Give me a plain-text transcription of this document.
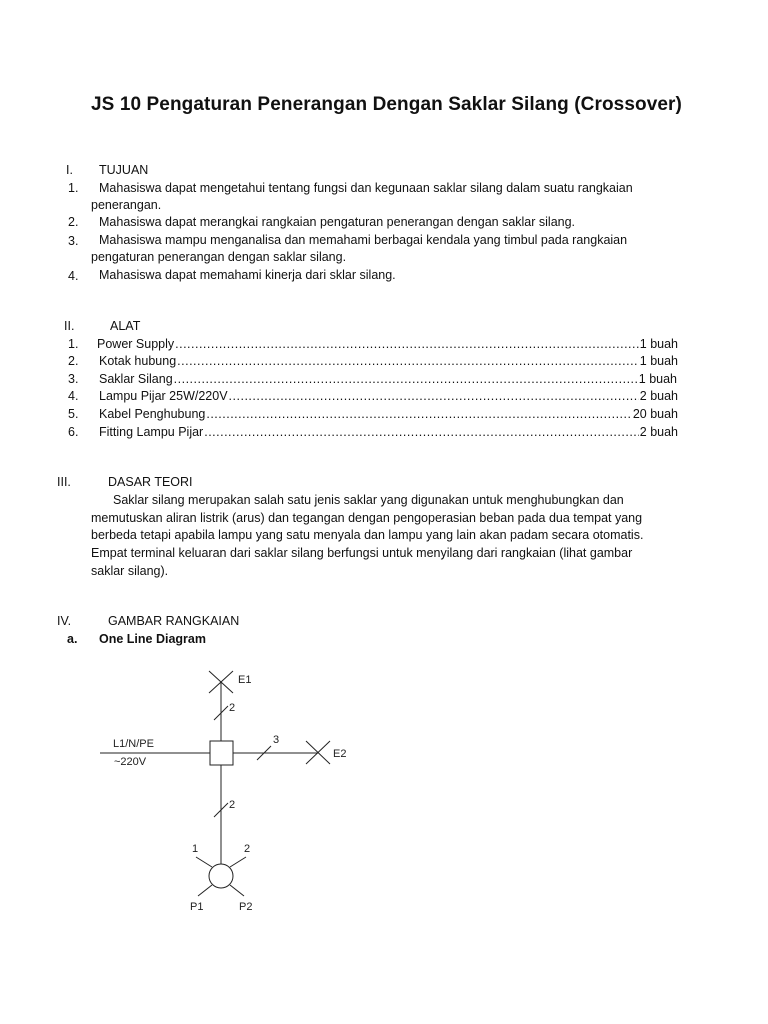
JS 10 Pengaturan Penerangan Dengan Saklar Silang (Crossover)
I. TUJUAN
1. Mahasiswa dapat mengetahui tentang fungsi dan kegunaan saklar silang dalam suatu rangkaian
penerangan.
2. Mahasiswa dapat merangkai rangkaian pengaturan penerangan dengan saklar silang.
3. Mahasiswa mampu menganalisa dan memahami berbagai kendala yang timbul pada rangkaian
pengaturan penerangan dengan saklar silang.
4. Mahasiswa dapat memahami kinerja dari sklar silang.
II.	ALAT
1. Power Supply .....	1 buah
2. Kotak hubung .....	1 buah
3. Saklar Silang .....	1 buah
4. Lampu Pijar 25W/220V .....	2 buah
5. Kabel Penghubung .....	20 buah
6. Fitting Lampu Pijar .....	2 buah
III.	DASAR TEORI
Saklar silang merupakan salah satu jenis saklar yang digunakan untuk menghubungkan dan
memutuskan aliran listrik (arus) dan tegangan dengan pengoperasian beban pada dua tempat yang
berbeda tetapi apabila lampu yang satu menyala dan lampu yang lain akan padam secara otomatis.
Empat terminal keluaran dari saklar silang berfungsi untuk menyilang dari rangkaian (lihat gambar
saklar silang).
IV.	GAMBAR RANGKAIAN
a. One Line Diagram
E1
2
L1/N/PE
~220V
3
E2
2
1	2
P1	P2
